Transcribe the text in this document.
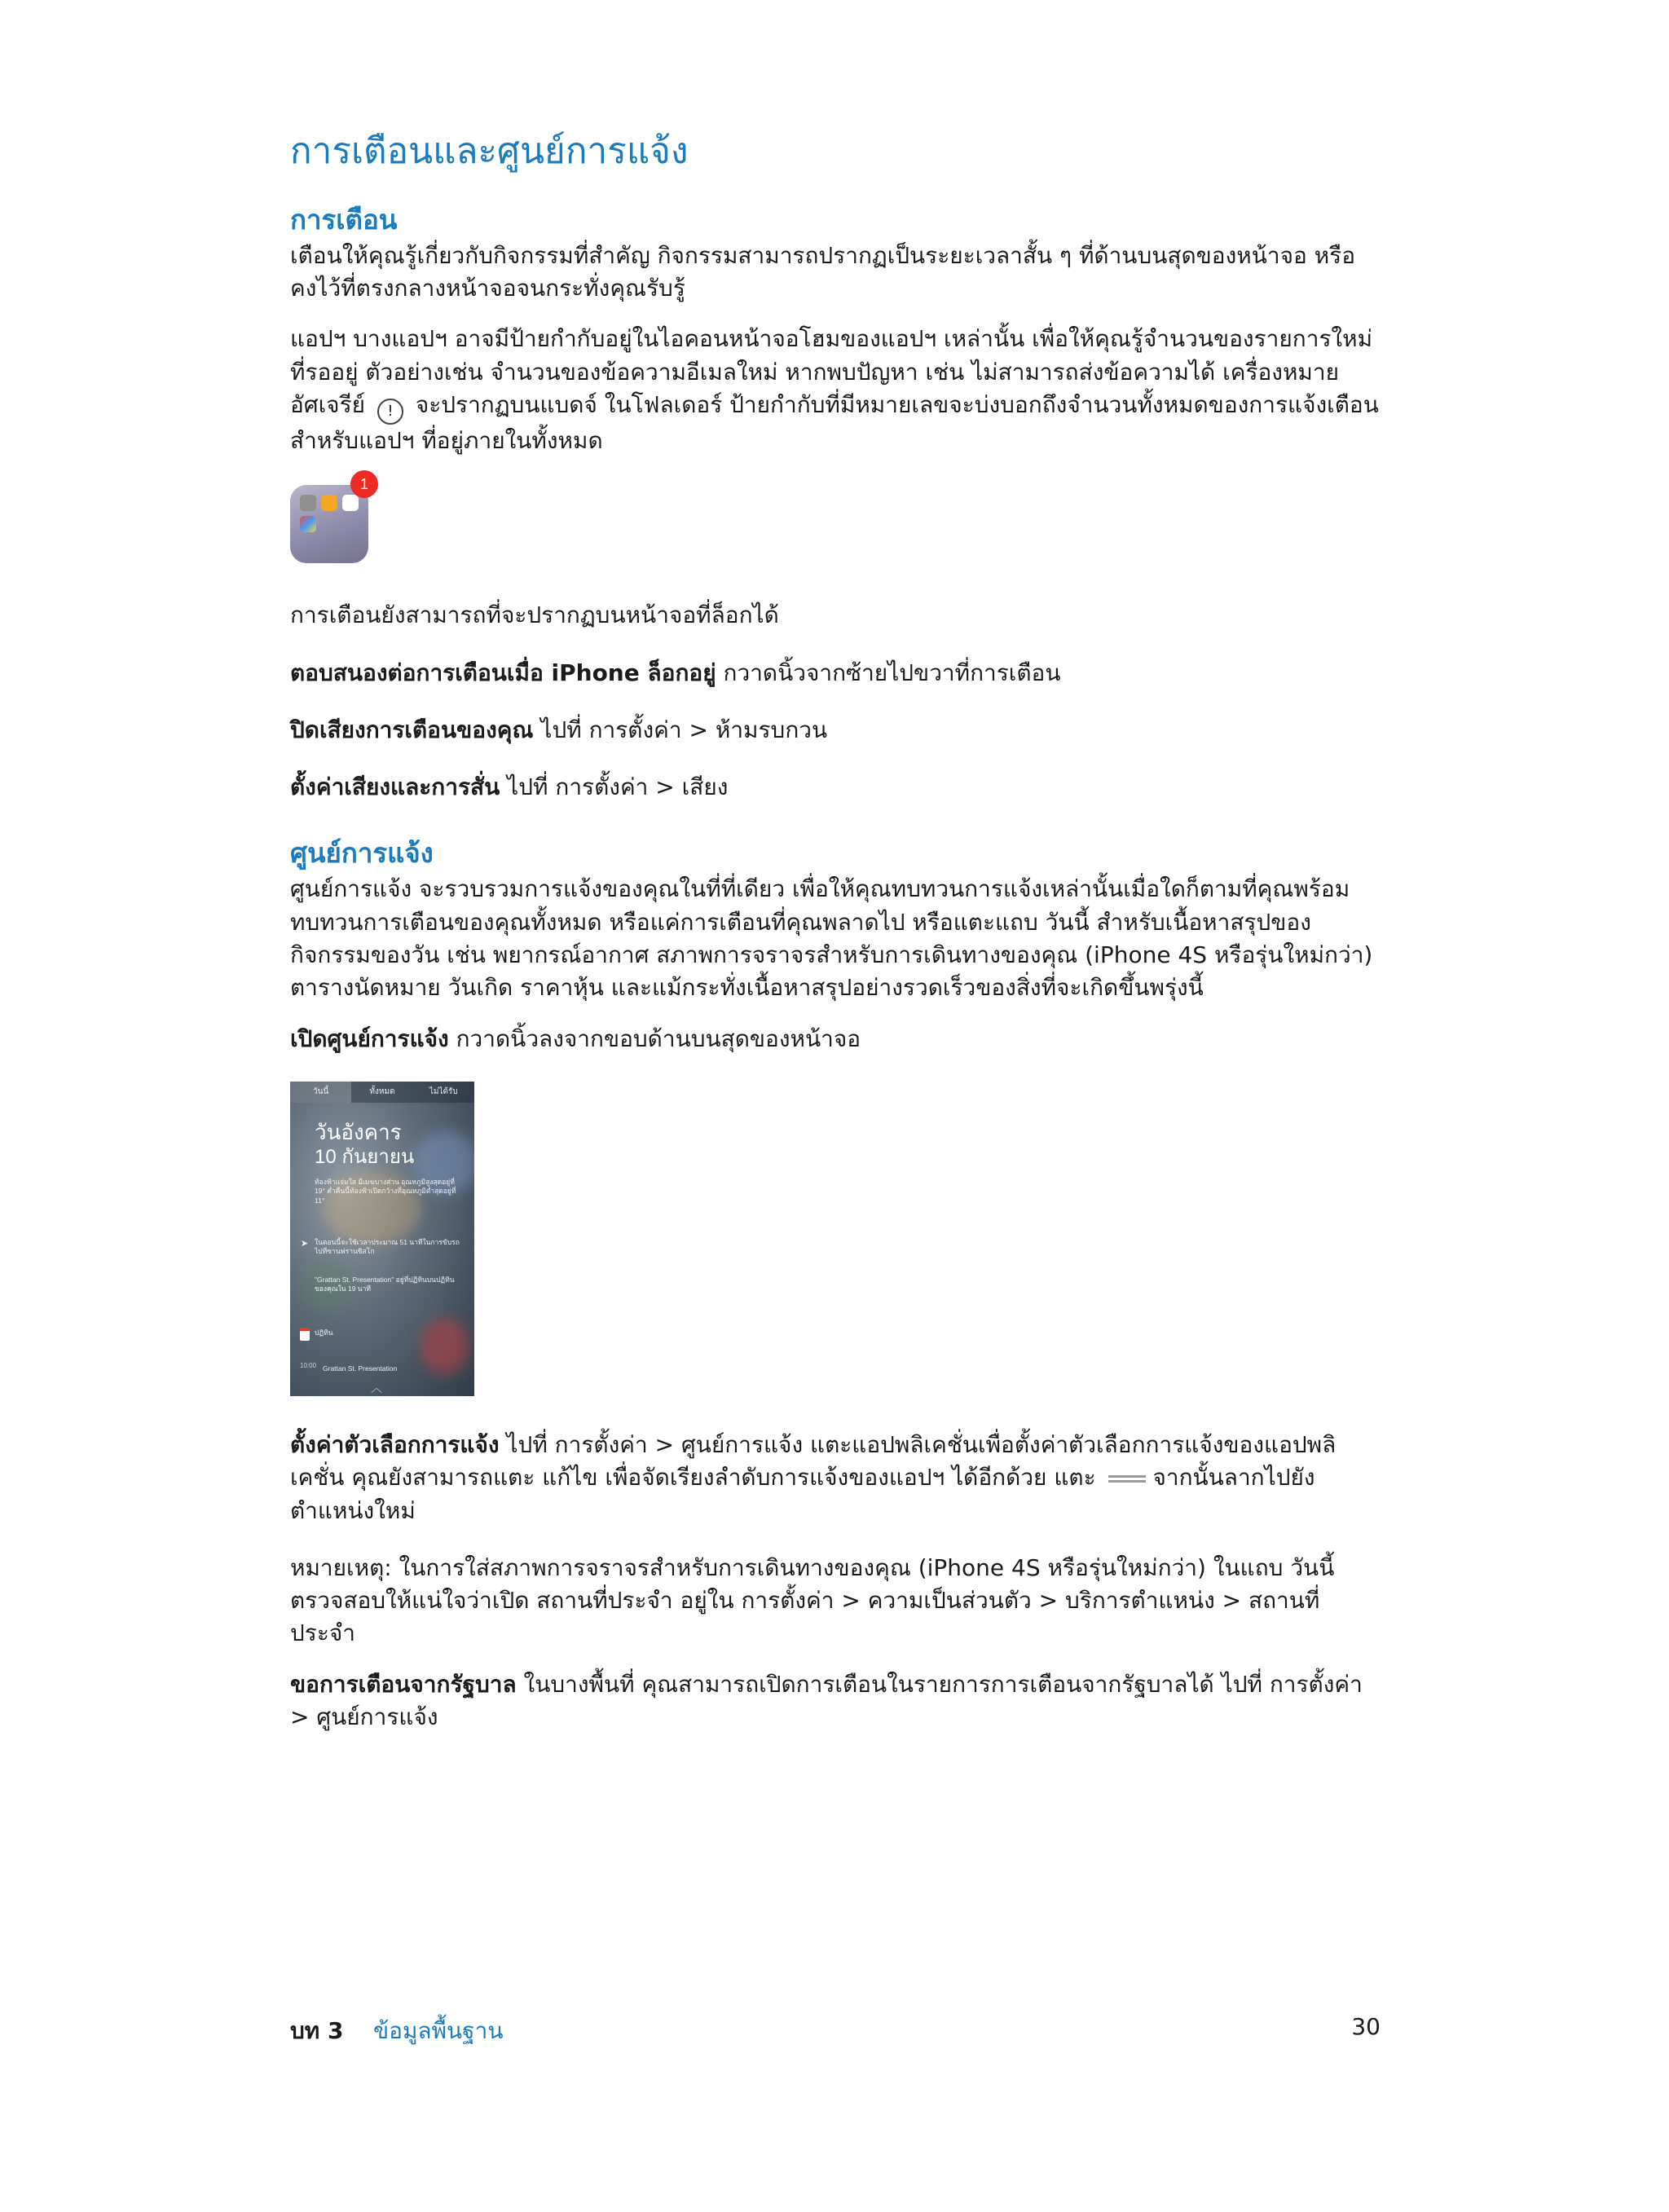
การเตือนและศูนย์การแจ้ง
การเตือน

เตือนให้คุณรู้เกี่ยวกับกิจกรรมที่สำคัญ กิจกรรมสามารถปรากฏเป็นระยะเวลาสั้น ๆ ที่ด้านบนสุดของหน้าจอ หรือคงไว้ที่ตรงกลางหน้าจอจนกระทั่งคุณรับรู้

แอปฯ บางแอปฯ อาจมีป้ายกำกับอยู่ในไอคอนหน้าจอโฮมของแอปฯ เหล่านั้น เพื่อให้คุณรู้จำนวนของรายการใหม่ที่รออยู่ ตัวอย่างเช่น จำนวนของข้อความอีเมลใหม่ หากพบปัญหา เช่น ไม่สามารถส่งข้อความได้ เครื่องหมายอัศเจรีย์ ! จะปรากฏบนแบดจ์ ในโฟลเดอร์ ป้ายกำกับที่มีหมายเลขจะบ่งบอกถึงจำนวนทั้งหมดของการแจ้งเตือนสำหรับแอปฯ ที่อยู่ภายในทั้งหมด

1

การเตือนยังสามารถที่จะปรากฏบนหน้าจอที่ล็อกได้

ตอบสนองต่อการเตือนเมื่อ iPhone ล็อกอยู่ กวาดนิ้วจากซ้ายไปขวาที่การเตือน

ปิดเสียงการเตือนของคุณ ไปที่ การตั้งค่า > ห้ามรบกวน

ตั้งค่าเสียงและการสั่น ไปที่ การตั้งค่า > เสียง

ศูนย์การแจ้ง

ศูนย์การแจ้ง จะรวบรวมการแจ้งของคุณในที่ที่เดียว เพื่อให้คุณทบทวนการแจ้งเหล่านั้นเมื่อใดก็ตามที่คุณพร้อม ทบทวนการเตือนของคุณทั้งหมด หรือแค่การเตือนที่คุณพลาดไป หรือแตะแถบ วันนี้ สำหรับเนื้อหาสรุปของกิจกรรมของวัน เช่น พยากรณ์อากาศ สภาพการจราจรสำหรับการเดินทางของคุณ (iPhone 4S หรือรุ่นใหม่กว่า) ตารางนัดหมาย วันเกิด ราคาหุ้น และแม้กระทั่งเนื้อหาสรุปอย่างรวดเร็วของสิ่งที่จะเกิดขึ้นพรุ่งนี้

เปิดศูนย์การแจ้ง กวาดนิ้วลงจากขอบด้านบนสุดของหน้าจอ

วันนี้	ทั้งหมด	ไม่ได้รับ
วันอังคาร
10 กันยายน
ท้องฟ้าแจ่มใส มีเมฆบางส่วน อุณหภูมิสูงสุดอยู่ที่ 19° ค่ำคืนนี้ท้องฟ้าเปิดกว้างที่อุณหภูมิต่ำสุดอยู่ที่ 11°
➤ ในตอนนี้จะใช้เวลาประมาณ 51 นาทีในการขับรถไปที่ซานฟรานซิสโก
"Grattan St. Presentation" อยู่ที่ปฏิทินบนปฏิทินของคุณใน 19 นาที
ปฏิทิน
10:00 Grattan St. Presentation
︿

ตั้งค่าตัวเลือกการแจ้ง ไปที่ การตั้งค่า > ศูนย์การแจ้ง แตะแอปพลิเคชั่นเพื่อตั้งค่าตัวเลือกการแจ้งของแอปพลิเคชั่น คุณยังสามารถแตะ แก้ไข เพื่อจัดเรียงลำดับการแจ้งของแอปฯ ได้อีกด้วย แตะ จากนั้นลากไปยังตำแหน่งใหม่

หมายเหตุ: ในการใส่สภาพการจราจรสำหรับการเดินทางของคุณ (iPhone 4S หรือรุ่นใหม่กว่า) ในแถบ วันนี้ ตรวจสอบให้แน่ใจว่าเปิด สถานที่ประจำ อยู่ใน การตั้งค่า > ความเป็นส่วนตัว > บริการตำแหน่ง > สถานที่ประจำ

ขอการเตือนจากรัฐบาล ในบางพื้นที่ คุณสามารถเปิดการเตือนในรายการการเตือนจากรัฐบาลได้ ไปที่ การตั้งค่า > ศูนย์การแจ้ง

บท 3 ข้อมูลพื้นฐาน	30
